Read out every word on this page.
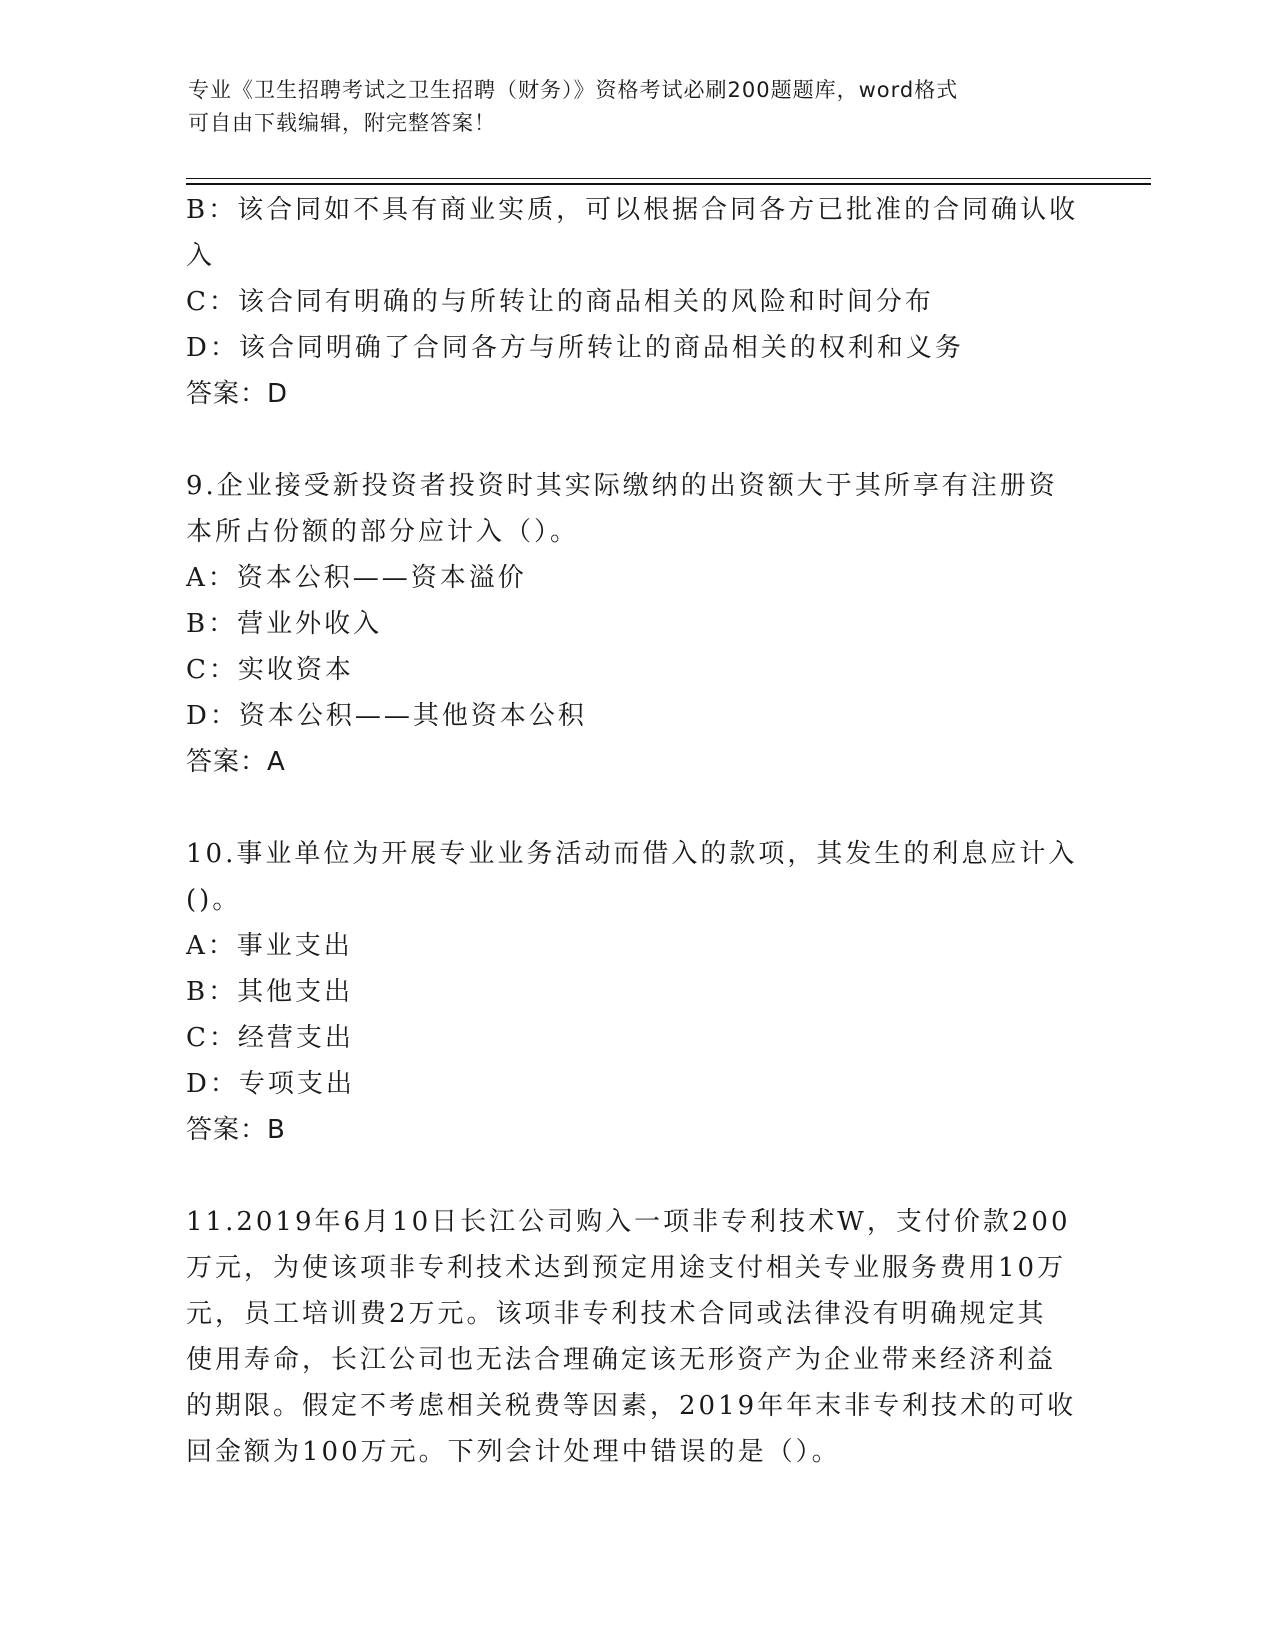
专业《卫生招聘考试之卫生招聘（财务）》资格考试必刷200题题库，word格式
可自由下载编辑，附完整答案！
B：该合同如不具有商业实质，可以根据合同各方已批准的合同确认收
入
C：该合同有明确的与所转让的商品相关的风险和时间分布
D：该合同明确了合同各方与所转让的商品相关的权利和义务
答案：D
9.企业接受新投资者投资时其实际缴纳的出资额大于其所享有注册资
本所占份额的部分应计入（）。
A：资本公积——资本溢价
B：营业外收入
C：实收资本
D：资本公积——其他资本公积
答案：A
10.事业单位为开展专业业务活动而借入的款项，其发生的利息应计入
()。
A：事业支出
B：其他支出
C：经营支出
D：专项支出
答案：B
11.2019年6月10日长江公司购入一项非专利技术W，支付价款200
万元，为使该项非专利技术达到预定用途支付相关专业服务费用10万
元，员工培训费2万元。该项非专利技术合同或法律没有明确规定其
使用寿命，长江公司也无法合理确定该无形资产为企业带来经济利益
的期限。假定不考虑相关税费等因素，2019年年末非专利技术的可收
回金额为100万元。下列会计处理中错误的是（）。
